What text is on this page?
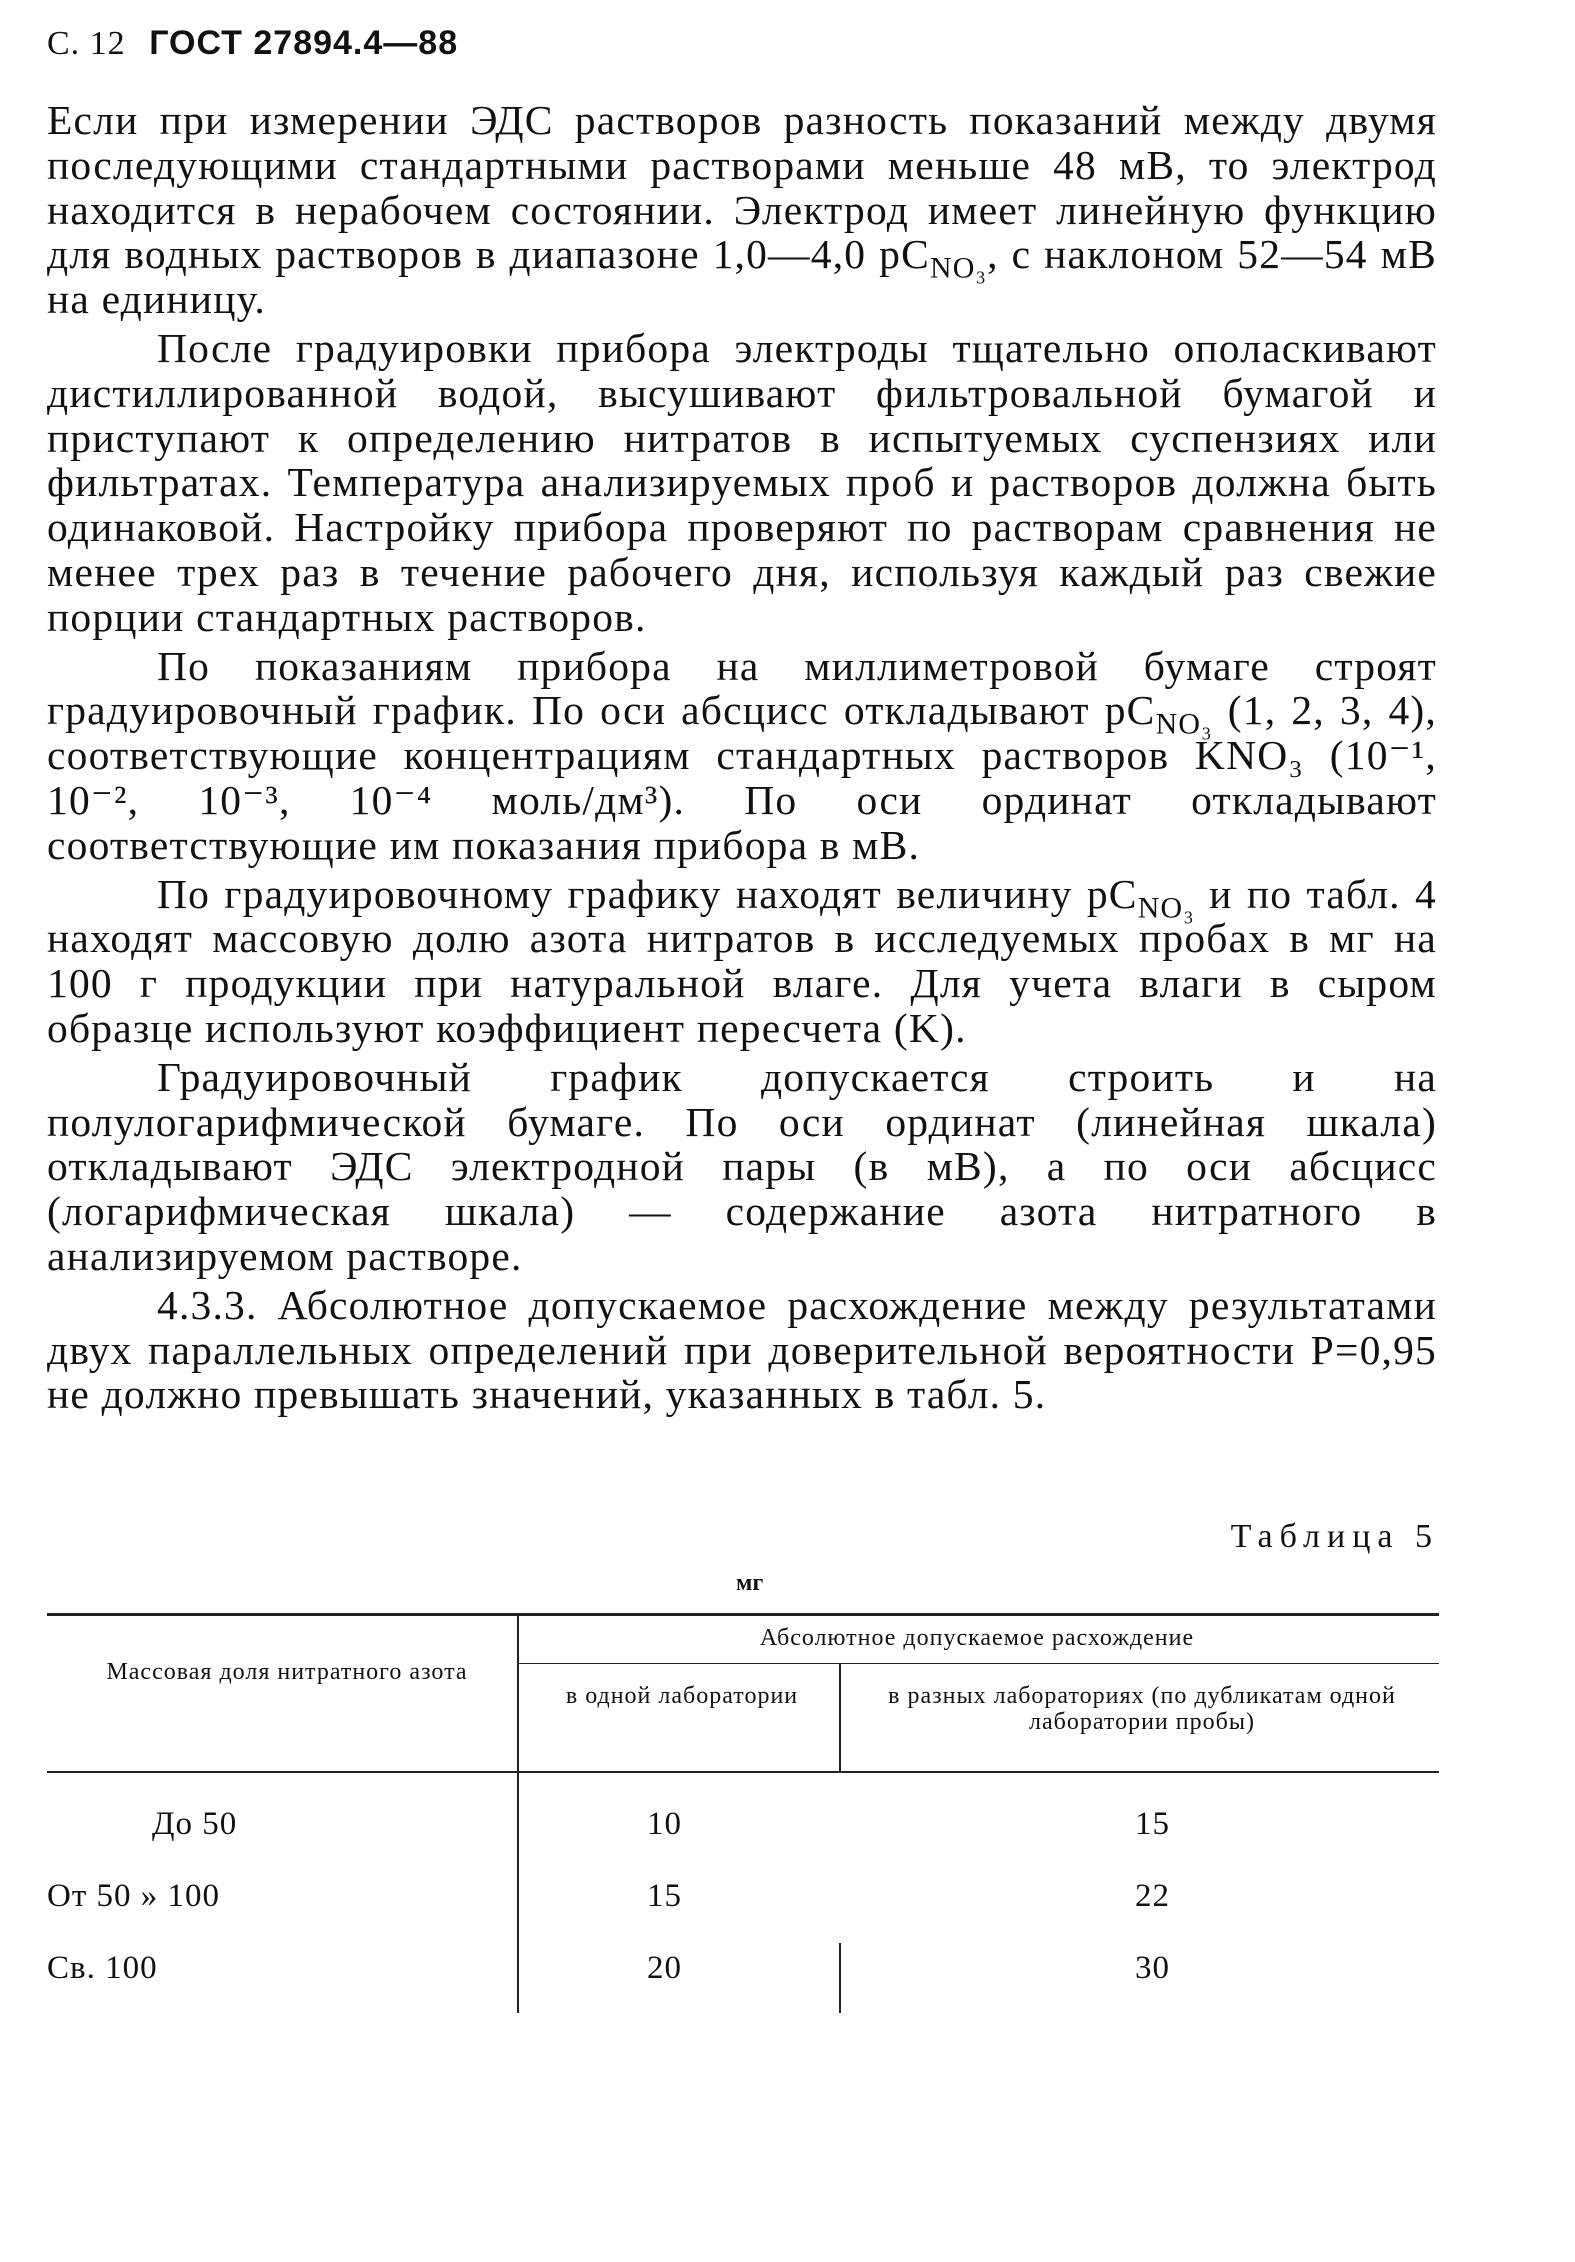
С. 12 ГОСТ 27894.4—88

Если при измерении ЭДС растворов разность показаний между двумя последующими стандартными растворами меньше 48 мВ, то электрод находится в нерабочем состоянии. Электрод имеет линейную функцию для водных растворов в диапазоне 1,0—4,0 $pC_{NO_3}$, с наклоном 52—54 мВ на единицу.

После градуировки прибора электроды тщательно ополаскивают дистиллированной водой, высушивают фильтровальной бумагой и приступают к определению нитратов в испытуемых суспензиях или фильтратах. Температура анализируемых проб и растворов должна быть одинаковой. Настройку прибора проверяют по растворам сравнения не менее трех раз в течение рабочего дня, используя каждый раз свежие порции стандартных растворов.

По показаниям прибора на миллиметровой бумаге строят градуировочный график. По оси абсцисс откладывают $pC_{NO_3}$ (1, 2, 3, 4), соответствующие концентрациям стандартных растворов KNO₃ (10⁻¹, 10⁻², 10⁻³, 10⁻⁴ моль/дм³). По оси ординат откладывают соответствующие им показания прибора в мВ.

По градуировочному графику находят величину $pC_{NO_3}$ и по табл. 4 находят массовую долю азота нитратов в исследуемых пробах в мг на 100 г продукции при натуральной влаге. Для учета влаги в сыром образце используют коэффициент пересчета (K).

Градуировочный график допускается строить и на полулогарифмической бумаге. По оси ординат (линейная шкала) откладывают ЭДС электродной пары (в мВ), а по оси абсцисс (логарифмическая шкала) — содержание азота нитратного в анализируемом растворе.

4.3.3. Абсолютное допускаемое расхождение между результатами двух параллельных определений при доверительной вероятности P=0,95 не должно превышать значений, указанных в табл. 5.

Таблица 5
мг
Массовая доля нитратного азота
Абсолютное допускаемое расхождение
в одной лаборатории	в разных лабораториях (по дубликатам одной лаборатории пробы)
До 50	10	15
От 50 » 100	15	22
Св. 100	20	30
